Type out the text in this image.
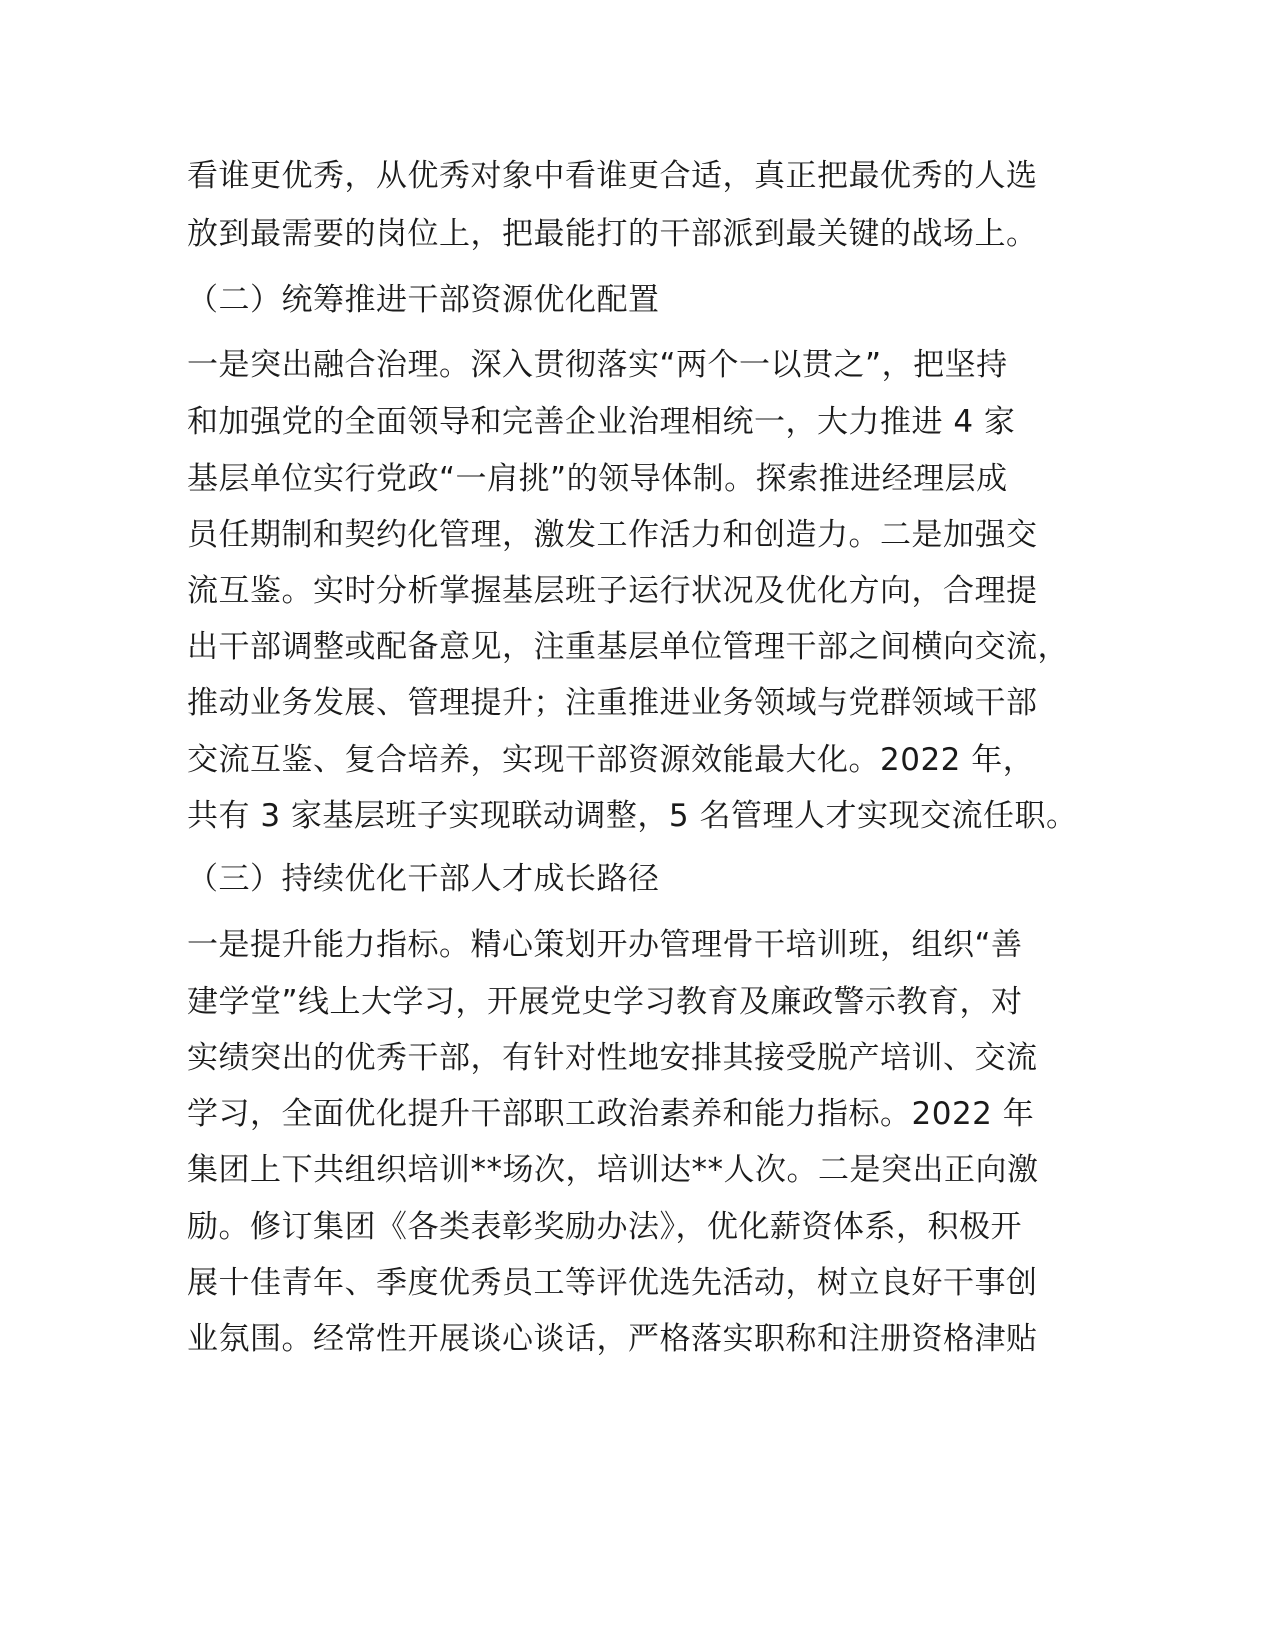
看谁更优秀，从优秀对象中看谁更合适，真正把最优秀的人选

放到最需要的岗位上，把最能打的干部派到最关键的战场上。

（二）统筹推进干部资源优化配置

一是突出融合治理。深入贯彻落实“两个一以贯之”，把坚持

和加强党的全面领导和完善企业治理相统一，大力推进 4 家

基层单位实行党政“一肩挑”的领导体制。探索推进经理层成

员任期制和契约化管理，激发工作活力和创造力。二是加强交

流互鉴。实时分析掌握基层班子运行状况及优化方向，合理提

出干部调整或配备意见，注重基层单位管理干部之间横向交流，

推动业务发展、管理提升；注重推进业务领域与党群领域干部

交流互鉴、复合培养，实现干部资源效能最大化。2022 年，

共有 3 家基层班子实现联动调整，5 名管理人才实现交流任职。

（三）持续优化干部人才成长路径

一是提升能力指标。精心策划开办管理骨干培训班，组织“善

建学堂”线上大学习，开展党史学习教育及廉政警示教育，对

实绩突出的优秀干部，有针对性地安排其接受脱产培训、交流

学习，全面优化提升干部职工政治素养和能力指标。2022 年

集团上下共组织培训**场次，培训达**人次。二是突出正向激

励。修订集团《各类表彰奖励办法》，优化薪资体系，积极开

展十佳青年、季度优秀员工等评优选先活动，树立良好干事创

业氛围。经常性开展谈心谈话，严格落实职称和注册资格津贴
